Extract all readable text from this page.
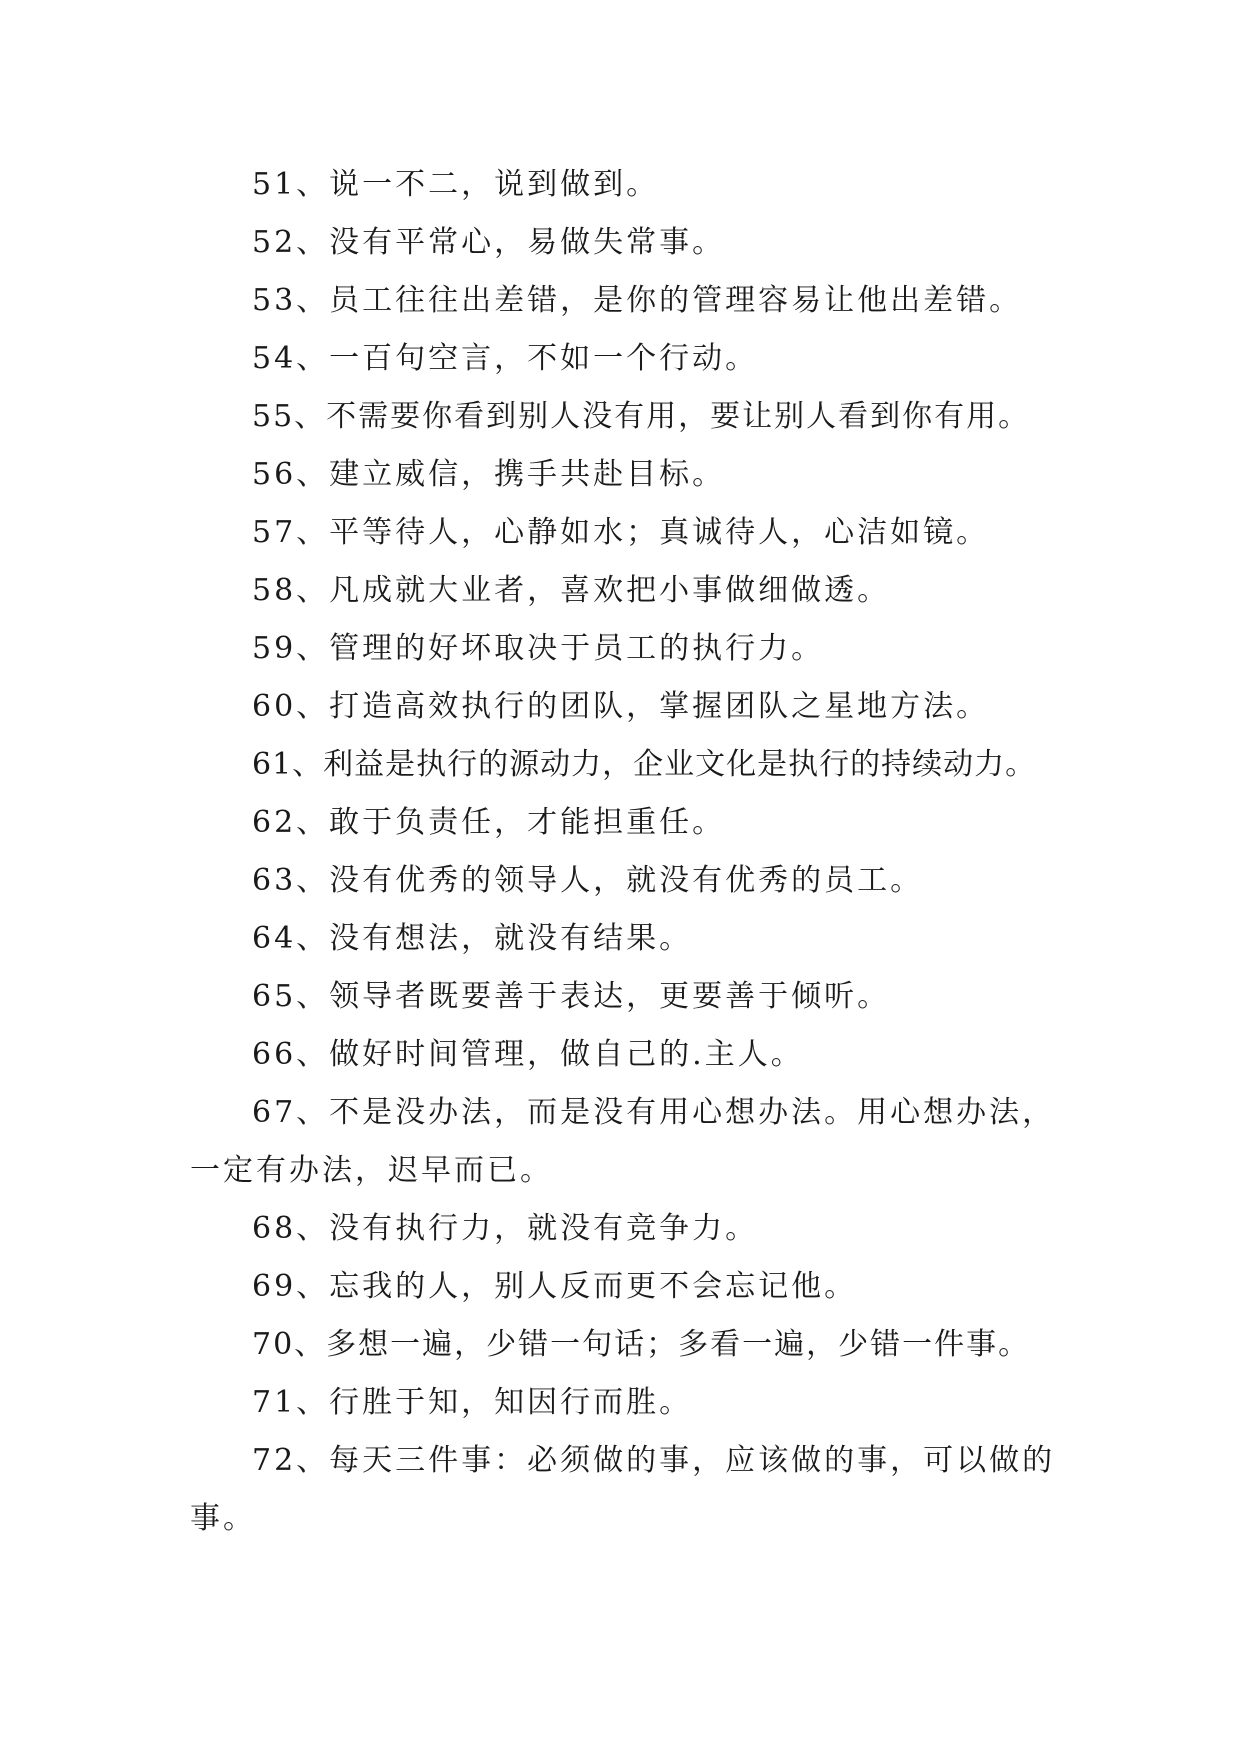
51、说一不二，说到做到。

52、没有平常心，易做失常事。

53、员工往往出差错，是你的管理容易让他出差错。

54、一百句空言，不如一个行动。

55、不需要你看到别人没有用，要让别人看到你有用。

56、建立威信，携手共赴目标。

57、平等待人，心静如水；真诚待人，心洁如镜。

58、凡成就大业者，喜欢把小事做细做透。

59、管理的好坏取决于员工的执行力。

60、打造高效执行的团队，掌握团队之星地方法。

61、利益是执行的源动力，企业文化是执行的持续动力。

62、敢于负责任，才能担重任。

63、没有优秀的领导人，就没有优秀的员工。

64、没有想法，就没有结果。

65、领导者既要善于表达，更要善于倾听。

66、做好时间管理，做自己的.主人。

67、不是没办法，而是没有用心想办法。用心想办法，一定有办法，迟早而已。

68、没有执行力，就没有竞争力。

69、忘我的人，别人反而更不会忘记他。

70、多想一遍，少错一句话；多看一遍，少错一件事。

71、行胜于知，知因行而胜。

72、每天三件事：必须做的事，应该做的事，可以做的事。
